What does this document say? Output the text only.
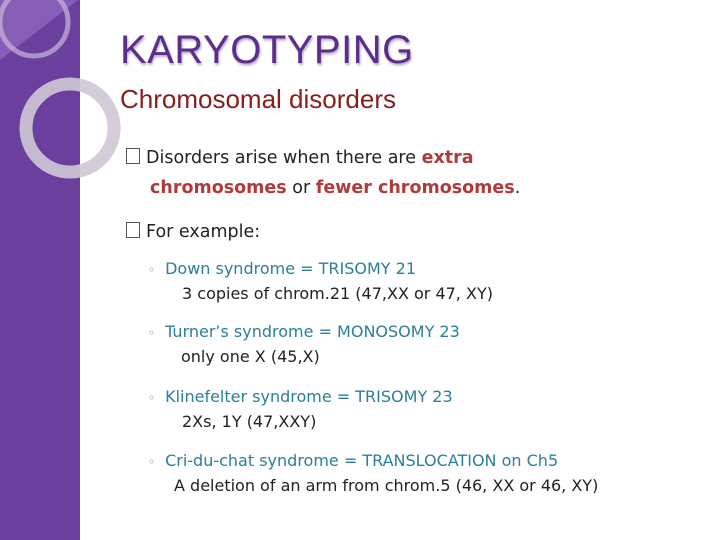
KARYOTYPING
Chromosomal disorders
Disorders arise when there are extra
chromosomes or fewer chromosomes.
For example:
◦ Down syndrome = TRISOMY 21
3 copies of chrom.21 (47,XX or 47, XY)
◦ Turner’s syndrome = MONOSOMY 23
only one X (45,X)
◦ Klinefelter syndrome = TRISOMY 23
2Xs, 1Y (47,XXY)
◦ Cri-du-chat syndrome = TRANSLOCATION on Ch5
A deletion of an arm from chrom.5 (46, XX or 46, XY)
